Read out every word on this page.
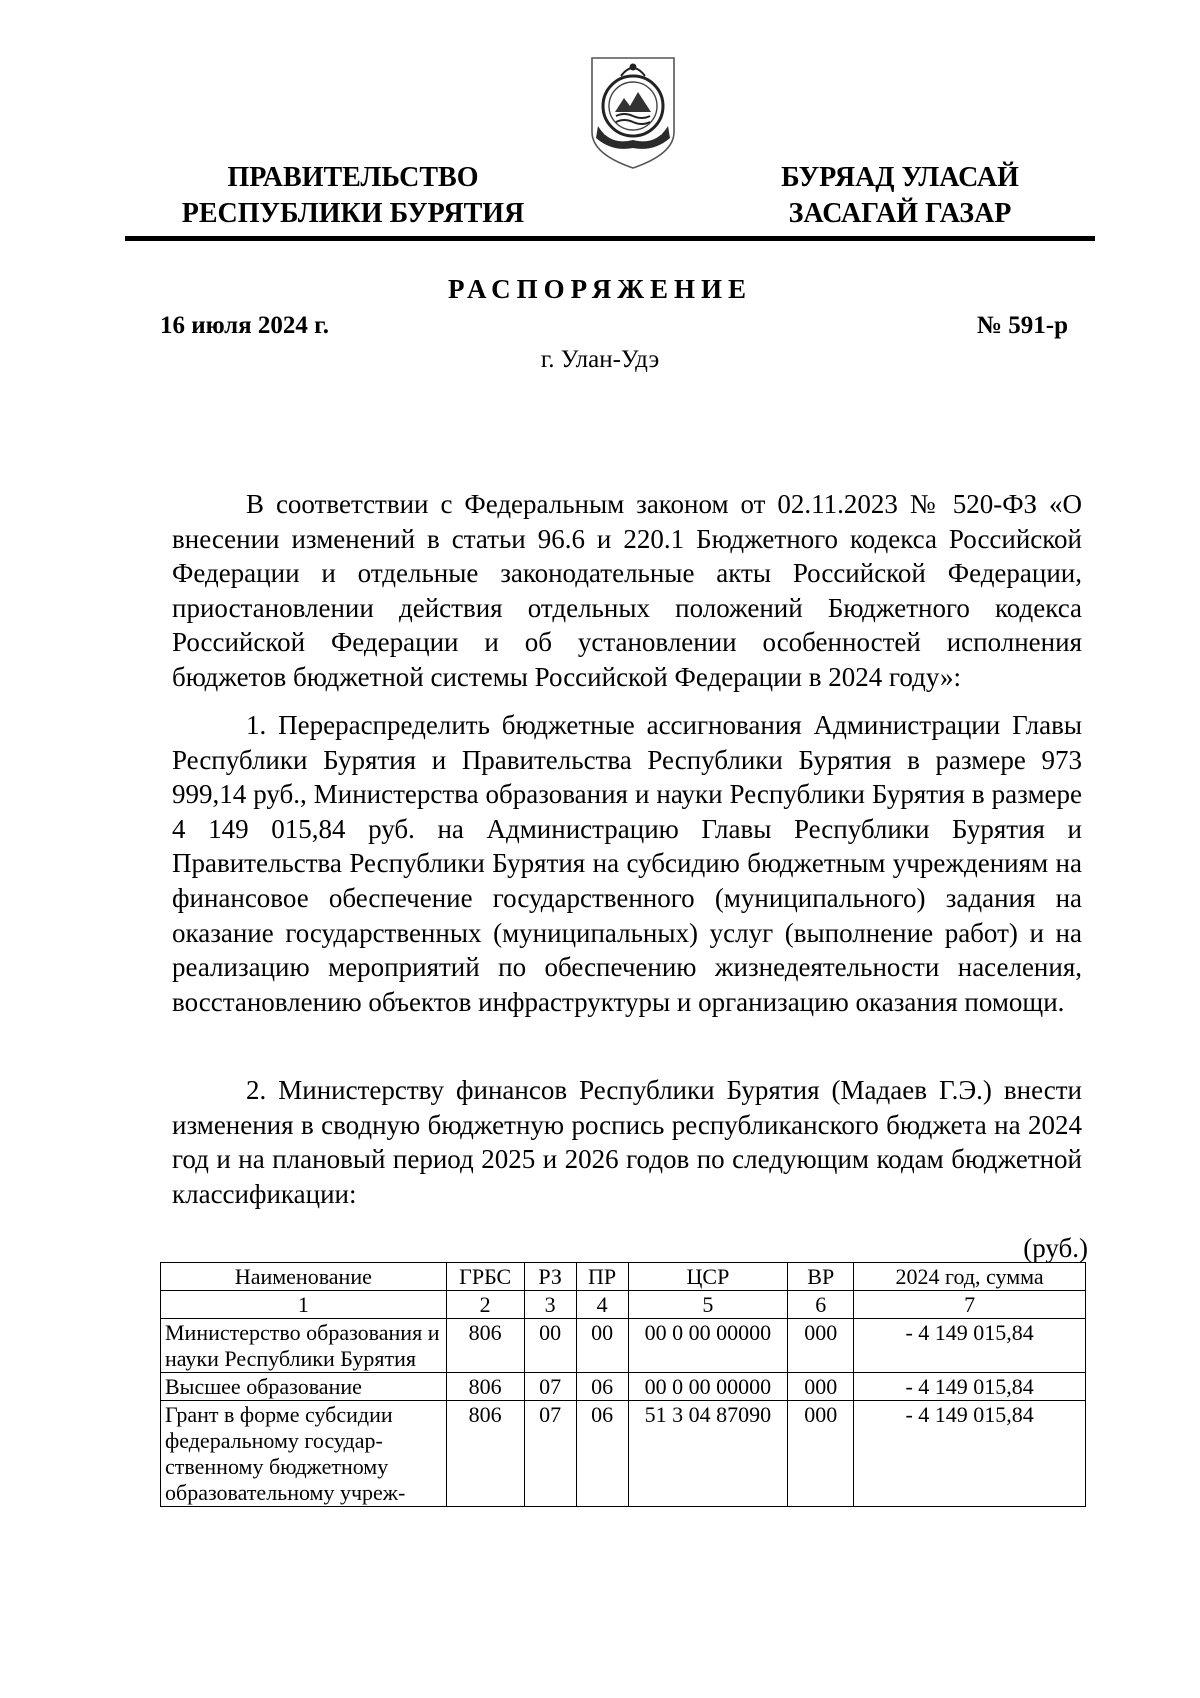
ПРАВИТЕЛЬСТВО
РЕСПУБЛИКИ БУРЯТИЯ
БУРЯАД УЛАСАЙ
ЗАСАГАЙ ГАЗАР
РАСПОРЯЖЕНИЕ
16 июля 2024 г.	№ 591-р
г. Улан-Удэ

В соответствии с Федеральным законом от 02.11.2023 № 520-ФЗ «О внесении изменений в статьи 96.6 и 220.1 Бюджетного кодекса Российской Федерации и отдельные законодательные акты Российской Федерации, приостановлении действия отдельных положений Бюджетного кодекса Российской Федерации и об установлении особенностей исполнения бюджетов бюджетной системы Российской Федерации в 2024 году»:

1. Перераспределить бюджетные ассигнования Администрации Главы Республики Бурятия и Правительства Республики Бурятия в размере 973 999,14 руб., Министерства образования и науки Республики Бурятия в размере 4 149 015,84 руб. на Администрацию Главы Республики Бурятия и Правительства Республики Бурятия на субсидию бюджетным учреждениям на финансовое обеспечение государственного (муниципального) задания на оказание государственных (муниципальных) услуг (выполнение работ) и на реализацию мероприятий по обеспечению жизнедеятельности населения, восстановлению объектов инфраструктуры и организацию оказания помощи.

2. Министерству финансов Республики Бурятия (Мадаев Г.Э.) внести изменения в сводную бюджетную роспись республиканского бюджета на 2024 год и на плановый период 2025 и 2026 годов по следующим кодам бюджетной классификации:

(руб.)
Наименование	ГРБС	РЗ	ПР	ЦСР	ВР	2024 год, сумма
1	2	3	4	5	6	7
Министерство образования и науки Республики Бурятия	806	00	00	00 0 00 00000	000	- 4 149 015,84
Высшее образование	806	07	06	00 0 00 00000	000	- 4 149 015,84
Грант в форме субсидии федеральному государственному бюджетному образовательному учреж-	806	07	06	51 3 04 87090	000	- 4 149 015,84
